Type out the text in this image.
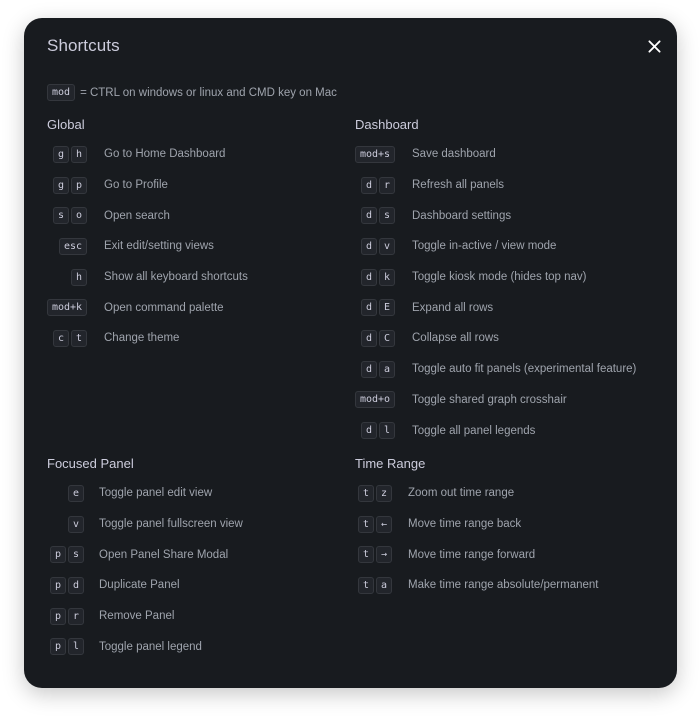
Shortcuts
mod = CTRL on windows or linux and CMD key on Mac
Global
g	h	Go to Home Dashboard
g	p	Go to Profile
s	o	Open search
esc	Exit edit/setting views
h	Show all keyboard shortcuts
mod+k	Open command palette
c	t	Change theme
Dashboard
mod+s	Save dashboard
d	r	Refresh all panels
d	s	Dashboard settings
d	v	Toggle in-active / view mode
d	k	Toggle kiosk mode (hides top nav)
d	E	Expand all rows
d	C	Collapse all rows
d	a	Toggle auto fit panels (experimental feature)
mod+o	Toggle shared graph crosshair
d	l	Toggle all panel legends
Focused Panel
e	Toggle panel edit view
v	Toggle panel fullscreen view
p	s	Open Panel Share Modal
p	d	Duplicate Panel
p	r	Remove Panel
p	l	Toggle panel legend
Time Range
t	z	Zoom out time range
t	←	Move time range back
t	→	Move time range forward
t	a	Make time range absolute/permanent
